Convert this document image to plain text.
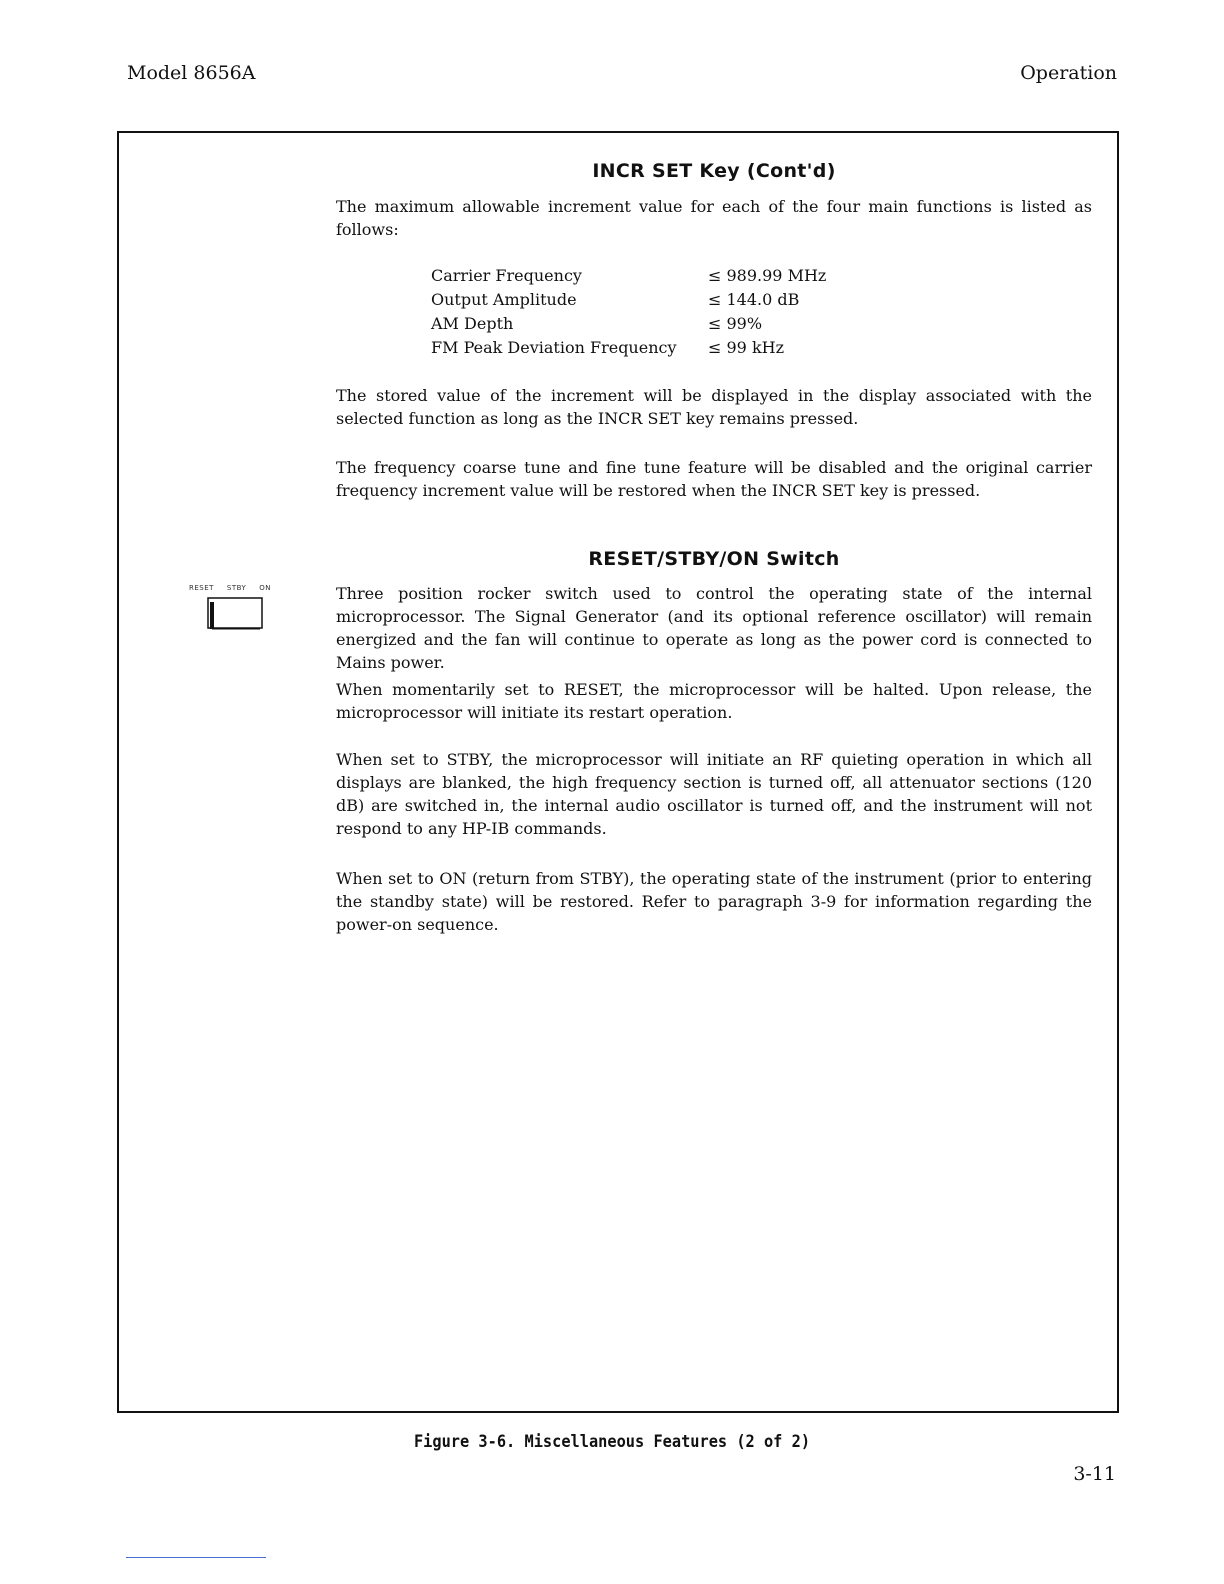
Model 8656A	Operation
INCR SET Key (Cont'd)

The maximum allowable increment value for each of the four main functions is listed as follows:

Carrier Frequency	≤ 989.99 MHz
Output Amplitude	≤ 144.0 dB
AM Depth	≤ 99%
FM Peak Deviation Frequency	≤ 99 kHz

The stored value of the increment will be displayed in the display associated with the selected function as long as the INCR SET key remains pressed.

The frequency coarse tune and fine tune feature will be disabled and the original carrier frequency increment value will be restored when the INCR SET key is pressed.

RESET/STBY/ON Switch
RESET STBY ON	Three position rocker switch used to control the operating state of the internal microprocessor. The Signal Generator (and its optional reference oscillator) will remain energized and the fan will continue to operate as long as the power cord is connected to Mains power.

When momentarily set to RESET, the microprocessor will be halted. Upon release, the microprocessor will initiate its restart operation.

When set to STBY, the microprocessor will initiate an RF quieting operation in which all displays are blanked, the high frequency section is turned off, all attenuator sections (120 dB) are switched in, the internal audio oscillator is turned off, and the instrument will not respond to any HP-IB commands.

When set to ON (return from STBY), the operating state of the instrument (prior to entering the standby state) will be restored. Refer to paragraph 3-9 for information regarding the power-on sequence.

Figure 3-6. Miscellaneous Features (2 of 2)
3-11
